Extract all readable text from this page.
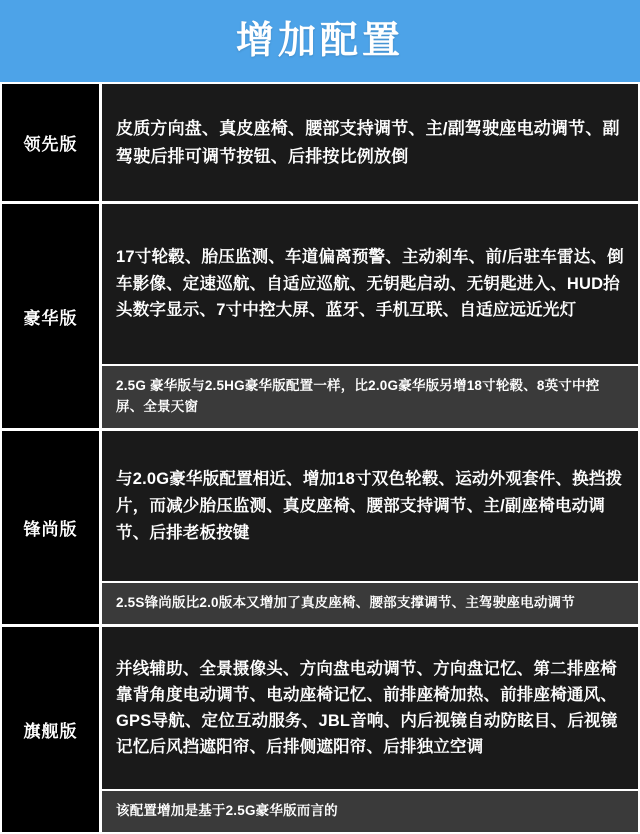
增加配置
领先版
皮质方向盘、真皮座椅、腰部支持调节、主/副驾驶座电动调节、副驾驶后排可调节按钮、后排按比例放倒
豪华版
17寸轮毂、胎压监测、车道偏离预警、主动刹车、前/后驻车雷达、倒车影像、定速巡航、自适应巡航、无钥匙启动、无钥匙进入、HUD抬头数字显示、7寸中控大屏、蓝牙、手机互联、自适应远近光灯
2.5G 豪华版与2.5HG豪华版配置一样，比2.0G豪华版另增18寸轮毂、8英寸中控屏、全景天窗
锋尚版
与2.0G豪华版配置相近、增加18寸双色轮毂、运动外观套件、换挡拨片，而减少胎压监测、真皮座椅、腰部支持调节、主/副座椅电动调节、后排老板按键
2.5S锋尚版比2.0版本又增加了真皮座椅、腰部支撑调节、主驾驶座电动调节
旗舰版
并线辅助、全景摄像头、方向盘电动调节、方向盘记忆、第二排座椅靠背角度电动调节、电动座椅记忆、前排座椅加热、前排座椅通风、GPS导航、定位互动服务、JBL音响、内后视镜自动防眩目、后视镜记忆后风挡遮阳帘、后排侧遮阳帘、后排独立空调
该配置增加是基于2.5G豪华版而言的
